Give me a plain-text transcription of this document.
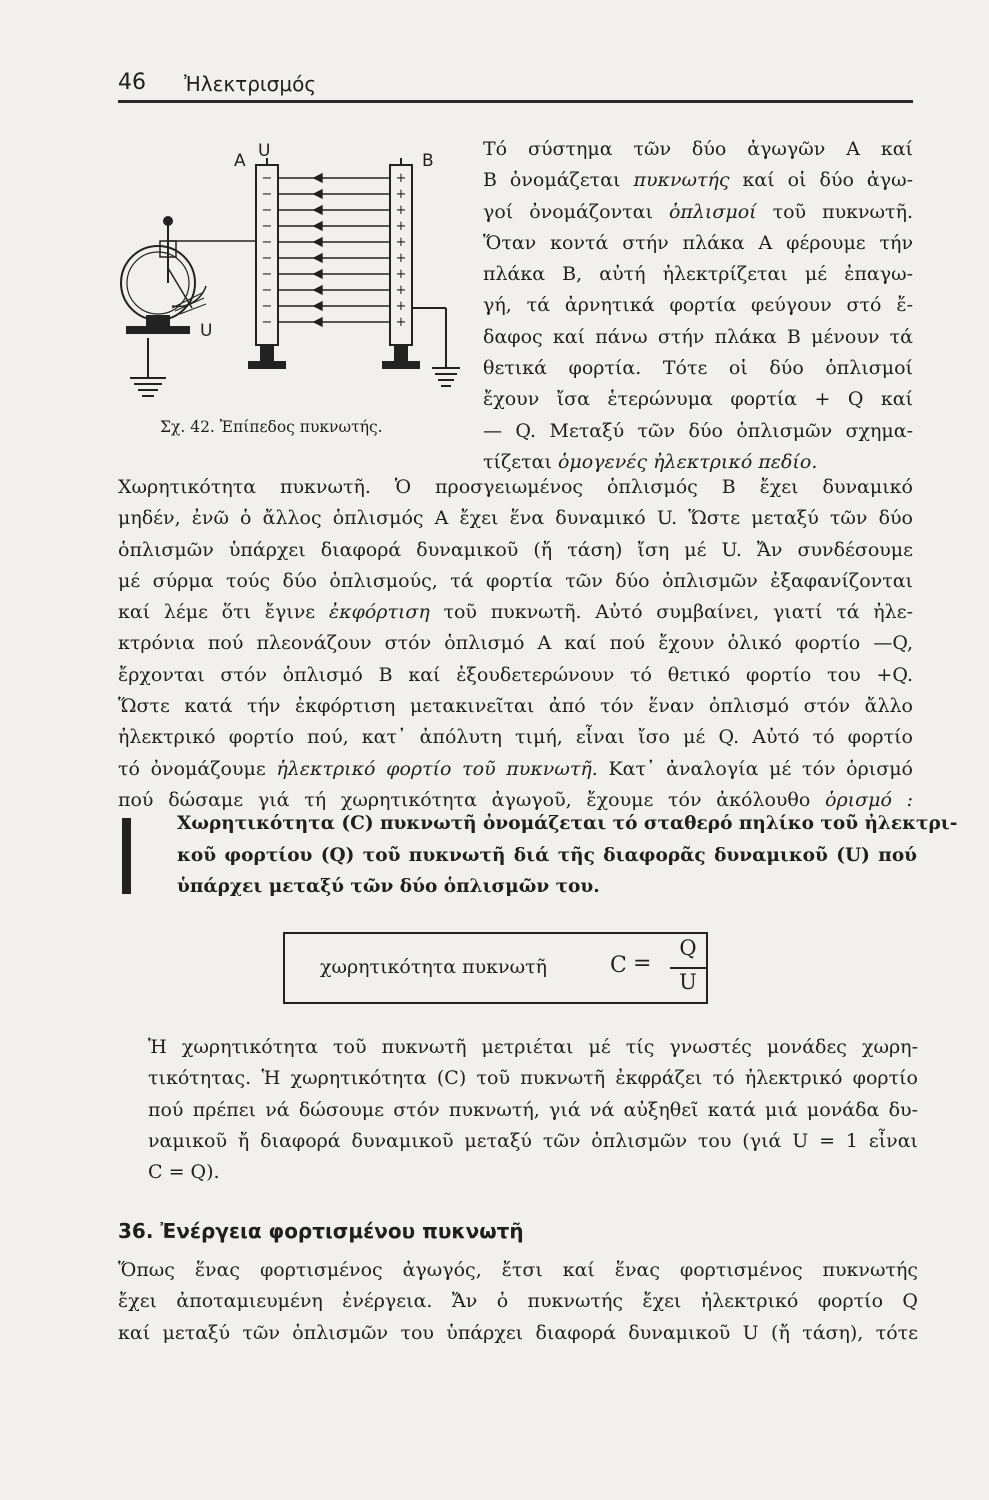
46 Ἠλεκτρισμός
−
−
−
−
−
−
−
−
−
−
+
+
+
+
+
+
+
+
+
+
A U	B
U
Σχ. 42. Ἐπίπεδος πυκνωτής.
Τό σύστημα τῶν δύο ἀγωγῶν Α καί
Β ὀνομάζεται πυκνωτής καί οἱ δύο ἀγω-
γοί ὀνομάζονται ὁπλισμοί τοῦ πυκνωτῆ.
Ὅταν κοντά στήν πλάκα Α φέρουμε τήν
πλάκα Β, αὐτή ἠλεκτρίζεται μέ ἐπαγω-
γή, τά ἀρνητικά φορτία φεύγουν στό ἔ-
δαφος καί πάνω στήν πλάκα Β μένουν τά
θετικά φορτία. Τότε οἱ δύο ὁπλισμοί
ἔχουν ἴσα ἑτερώνυμα φορτία + Q καί
— Q. Μεταξύ τῶν δύο ὁπλισμῶν σχημα-
τίζεται ὁμογενές ἠλεκτρικό πεδίο.
Χωρητικότητα πυκνωτῆ. Ὁ προσγειωμένος ὁπλισμός Β ἔχει δυναμικό
μηδέν, ἐνῶ ὁ ἄλλος ὁπλισμός Α ἔχει ἕνα δυναμικό U. Ὥστε μεταξύ τῶν δύο
ὁπλισμῶν ὑπάρχει διαφορά δυναμικοῦ (ἤ τάση) ἴση μέ U. Ἄν συνδέσουμε
μέ σύρμα τούς δύο ὁπλισμούς, τά φορτία τῶν δύο ὁπλισμῶν ἐξαφανίζονται
καί λέμε ὅτι ἔγινε ἐκφόρτιση τοῦ πυκνωτῆ. Αὐτό συμβαίνει, γιατί τά ἠλε-
κτρόνια πού πλεονάζουν στόν ὁπλισμό Α καί πού ἔχουν ὁλικό φορτίο —Q,
ἔρχονται στόν ὁπλισμό Β καί ἐξουδετερώνουν τό θετικό φορτίο του +Q.
Ὥστε κατά τήν ἐκφόρτιση μετακινεῖται ἀπό τόν ἕναν ὁπλισμό στόν ἄλλο
ἠλεκτρικό φορτίο πού, κατ᾽ ἀπόλυτη τιμή, εἶναι ἴσο μέ Q. Αὐτό τό φορτίο
τό ὀνομάζουμε ἠλεκτρικό φορτίο τοῦ πυκνωτῆ. Κατ᾽ ἀναλογία μέ τόν ὁρισμό
πού δώσαμε γιά τή χωρητικότητα ἀγωγοῦ, ἔχουμε τόν ἀκόλουθο ὁρισμό :
Χωρητικότητα (C) πυκνωτῆ ὀνομάζεται τό σταθερό πηλίκο τοῦ ἠλεκτρι-
κοῦ φορτίου (Q) τοῦ πυκνωτῆ διά τῆς διαφορᾶς δυναμικοῦ (U) πού
ὑπάρχει μεταξύ τῶν δύο ὁπλισμῶν του.
χωρητικότητα πυκνωτῆ	C =
Q
U
Ἡ χωρητικότητα τοῦ πυκνωτῆ μετριέται μέ τίς γνωστές μονάδες χωρη-
τικότητας. Ἡ χωρητικότητα (C) τοῦ πυκνωτῆ ἐκφράζει τό ἠλεκτρικό φορτίο
πού πρέπει νά δώσουμε στόν πυκνωτή, γιά νά αὐξηθεῖ κατά μιά μονάδα δυ-
ναμικοῦ ἤ διαφορά δυναμικοῦ μεταξύ τῶν ὁπλισμῶν του (γιά U = 1 εἶναι
C = Q).
36. Ἐνέργεια φορτισμένου πυκνωτῆ
Ὅπως ἕνας φορτισμένος ἀγωγός, ἔτσι καί ἕνας φορτισμένος πυκνωτής
ἔχει ἀποταμιευμένη ἐνέργεια. Ἄν ὁ πυκνωτής ἔχει ἠλεκτρικό φορτίο Q
καί μεταξύ τῶν ὁπλισμῶν του ὑπάρχει διαφορά δυναμικοῦ U (ἤ τάση), τότε
